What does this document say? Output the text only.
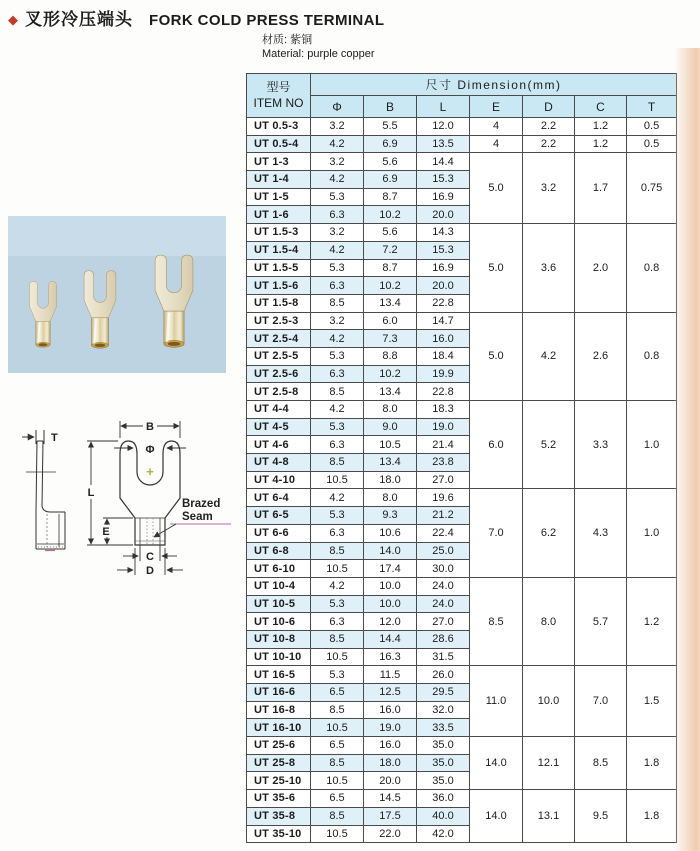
◆ 叉形冷压端头 FORK COLD PRESS TERMINAL
材质: 紫铜
Material: purple copper
T
+
B
Φ
L
E
C
D
Brazed
Seam
型号
ITEM NO	尺寸 Dimension(mm)						
	Φ	B	L	E	D	C	T
UT 0.5-3	3.2	5.5	12.0	4	2.2	1.2	0.5
UT 0.5-4	4.2	6.9	13.5	4	2.2	1.2	0.5
UT 1-3	3.2	5.6	14.4	5.0	3.2	1.7	0.75
UT 1-4	4.2	6.9	15.3				
UT 1-5	5.3	8.7	16.9				
UT 1-6	6.3	10.2	20.0				
UT 1.5-3	3.2	5.6	14.3	5.0	3.6	2.0	0.8
UT 1.5-4	4.2	7.2	15.3				
UT 1.5-5	5.3	8.7	16.9				
UT 1.5-6	6.3	10.2	20.0				
UT 1.5-8	8.5	13.4	22.8				
UT 2.5-3	3.2	6.0	14.7	5.0	4.2	2.6	0.8
UT 2.5-4	4.2	7.3	16.0				
UT 2.5-5	5.3	8.8	18.4				
UT 2.5-6	6.3	10.2	19.9				
UT 2.5-8	8.5	13.4	22.8				
UT 4-4	4.2	8.0	18.3	6.0	5.2	3.3	1.0
UT 4-5	5.3	9.0	19.0				
UT 4-6	6.3	10.5	21.4				
UT 4-8	8.5	13.4	23.8				
UT 4-10	10.5	18.0	27.0				
UT 6-4	4.2	8.0	19.6	7.0	6.2	4.3	1.0
UT 6-5	5.3	9.3	21.2				
UT 6-6	6.3	10.6	22.4				
UT 6-8	8.5	14.0	25.0				
UT 6-10	10.5	17.4	30.0				
UT 10-4	4.2	10.0	24.0	8.5	8.0	5.7	1.2
UT 10-5	5.3	10.0	24.0				
UT 10-6	6.3	12.0	27.0				
UT 10-8	8.5	14.4	28.6				
UT 10-10	10.5	16.3	31.5				
UT 16-5	5.3	11.5	26.0	11.0	10.0	7.0	1.5
UT 16-6	6.5	12.5	29.5				
UT 16-8	8.5	16.0	32.0				
UT 16-10	10.5	19.0	33.5				
UT 25-6	6.5	16.0	35.0	14.0	12.1	8.5	1.8
UT 25-8	8.5	18.0	35.0				
UT 25-10	10.5	20.0	35.0				
UT 35-6	6.5	14.5	36.0	14.0	13.1	9.5	1.8
UT 35-8	8.5	17.5	40.0				
UT 35-10	10.5	22.0	42.0				
